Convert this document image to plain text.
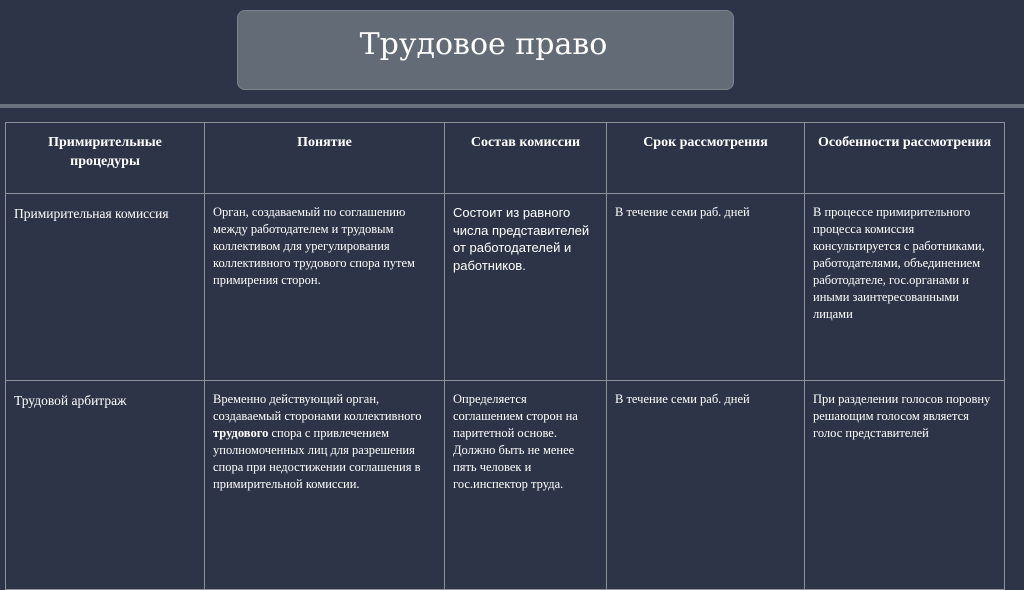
Трудовое право
Примирительные процедуры	Понятие	Состав комиссии	Срок рассмотрения	Особенности рассмотрения
Примирительная комиссия	Орган, создаваемый по соглашению между работодателем и трудовым коллективом для урегулирования коллективного трудового спора путем примирения сторон.	Состоит из равного числа представителей от работодателей и работников.	В течение семи раб. дней	В процессе примирительного процесса комиссия консультируется с работниками, работодателями, объединением работодателе, гос.органами и иными заинтересованными лицами
Трудовой арбитраж	Временно действующий орган, создаваемый сторонами коллективного трудового спора с привлечением уполномоченных лиц для разрешения спора при недостижении соглашения в примирительной комиссии.	Определяется соглашением сторон на паритетной основе. Должно быть не менее пять человек и гос.инспектор труда.	В течение семи раб. дней	При разделении голосов поровну решающим голосом является голос представителей
